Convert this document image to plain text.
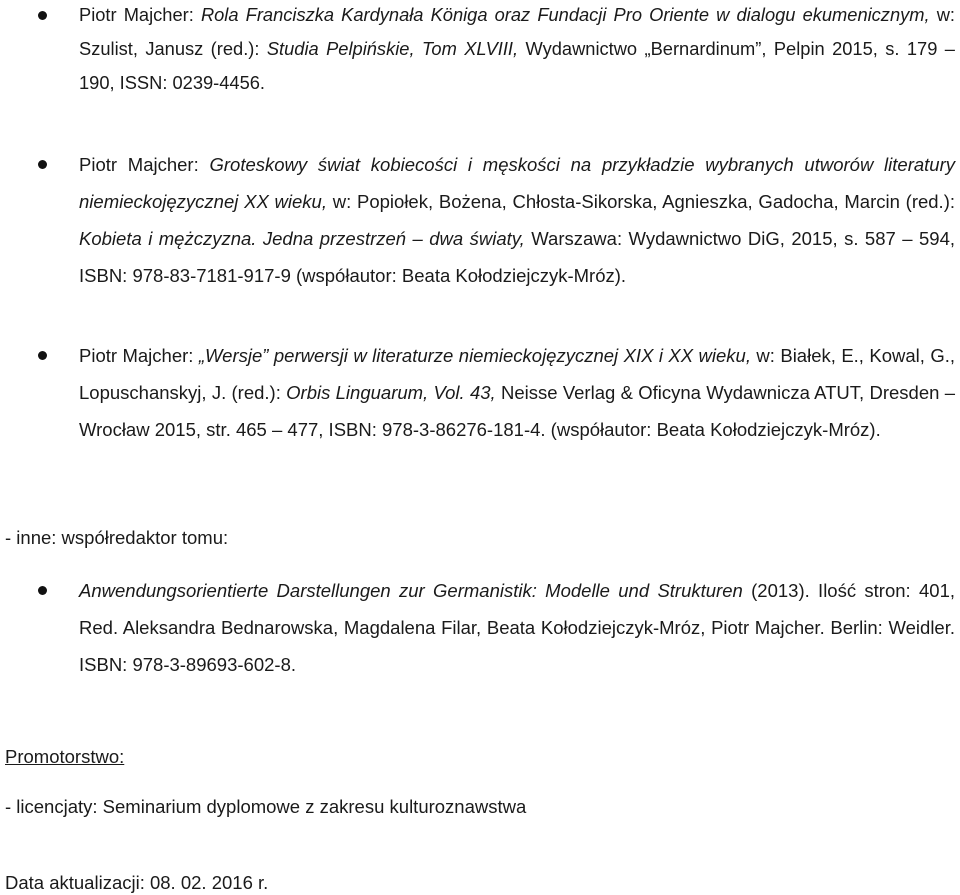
Piotr Majcher: Rola Franciszka Kardynała Königa oraz Fundacji Pro Oriente w dialogu ekumenicznym, w: Szulist, Janusz (red.): Studia Pelpińskie, Tom XLVIII, Wydawnictwo „Bernardinum”, Pelpin 2015, s. 179 – 190, ISSN: 0239-4456.

Piotr Majcher: Groteskowy świat kobiecości i męskości na przykładzie wybranych utworów literatury niemieckojęzycznej XX wieku, w: Popiołek, Bożena, Chłosta-Sikorska, Agnieszka, Gadocha, Marcin (red.): Kobieta i mężczyzna. Jedna przestrzeń – dwa światy, Warszawa: Wydawnictwo DiG, 2015, s. 587 – 594, ISBN: 978-83-7181-917-9 (współautor: Beata Kołodziejczyk-Mróz).

Piotr Majcher: „Wersje” perwersji w literaturze niemieckojęzycznej XIX i XX wieku, w: Białek, E., Kowal, G., Lopuschanskyj, J. (red.): Orbis Linguarum, Vol. 43, Neisse Verlag & Oficyna Wydawnicza ATUT, Dresden – Wrocław 2015, str. 465 – 477, ISBN: 978-3-86276-181-4. (współautor: Beata Kołodziejczyk-Mróz).

- inne: współredaktor tomu:

Anwendungsorientierte Darstellungen zur Germanistik: Modelle und Strukturen (2013). Ilość stron: 401, Red. Aleksandra Bednarowska, Magdalena Filar, Beata Kołodziejczyk-Mróz, Piotr Majcher. Berlin: Weidler. ISBN: 978-3-89693-602-8.

Promotorstwo:

- licencjaty: Seminarium dyplomowe z zakresu kulturoznawstwa

Data aktualizacji: 08. 02. 2016 r.
